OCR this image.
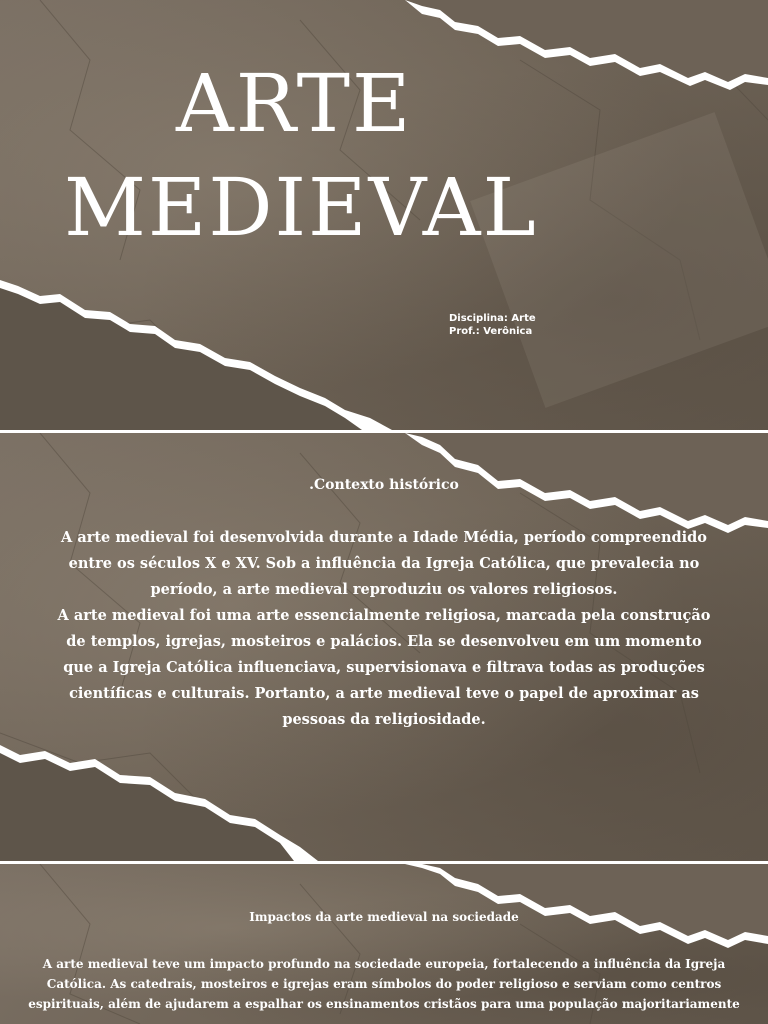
ARTE
MEDIEVAL
Disciplina: Arte
Prof.: Verônica
.Contexto histórico

A arte medieval foi desenvolvida durante a Idade Média, período compreendido entre os séculos X e XV. Sob a influência da Igreja Católica, que prevalecia no período, a arte medieval reproduziu os valores religiosos.

A arte medieval foi uma arte essencialmente religiosa, marcada pela construção de templos, igrejas, mosteiros e palácios. Ela se desenvolveu em um momento que a Igreja Católica influenciava, supervisionava e filtrava todas as produções científicas e culturais. Portanto, a arte medieval teve o papel de aproximar as pessoas da religiosidade.

Impactos da arte medieval na sociedade

A arte medieval teve um impacto profundo na sociedade europeia, fortalecendo a influência da Igreja Católica. As catedrais, mosteiros e igrejas eram símbolos do poder religioso e serviam como centros espirituais, além de ajudarem a espalhar os ensinamentos cristãos para uma população majoritariamente
